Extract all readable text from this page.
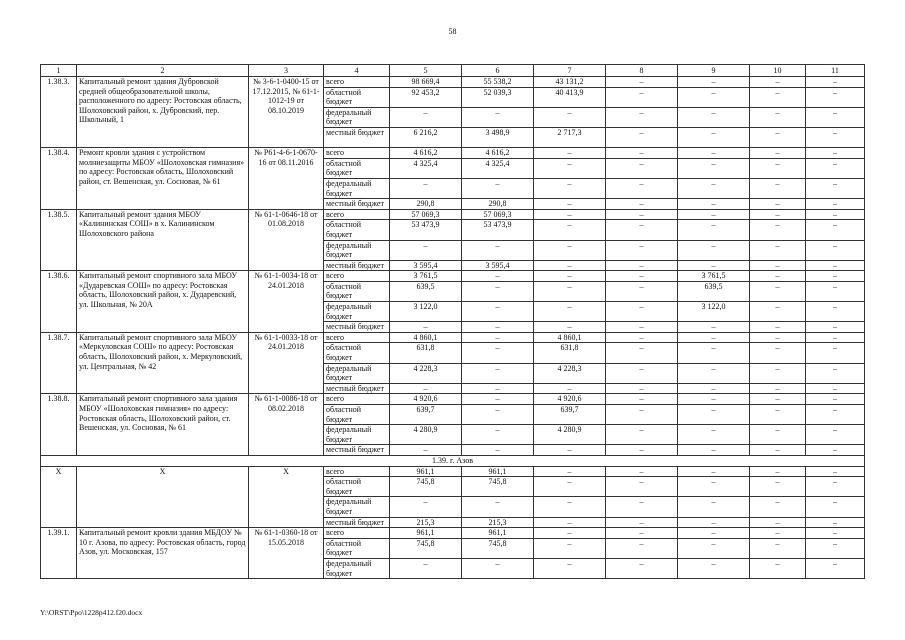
58
1	2	3	4	5	6	7	8	9	10	11
1.38.3.	Капитальный ремонт здания Дубровской средней общеобразовательной школы, расположенного по адресу: Ростовская область, Шолоховский район, х. Дубровский, пер. Школьный, 1	№ 3-6-1-0400-15 от 17.12.2015, № 61-1-1012-19 от 08.10.2019	всего	98 669,4	55 538,2	43 131,2	–	–	–	–
			областной бюджет	92 453,2	52 039,3	40 413,9	–	–	–	–
			федеральный бюджет	–	–	–	–	–	–	–
			местный бюджет	6 216,2	3 498,9	2 717,3	–	–	–	–
1.38.4.	Ремонт кровли здания с устройством молниезащиты МБОУ «Шолоховская гимназия» по адресу: Ростовская область, Шолоховский район, ст. Вешенская, ул. Сосновая, № 61	№ Р61-4-6-1-0670-16 от 08.11.2016	всего	4 616,2	4 616,2	–	–	–	–	–
			областной бюджет	4 325,4	4 325,4	–	–	–	–	–
			федеральный бюджет	–	–	–	–	–	–	–
			местный бюджет	290,8	290,8	–	–	–	–	–
1.38.5.	Капитальный ремонт здания МБОУ «Калининская СОШ» в х. Калининском Шолоховского района	№ 61-1-0646-18 от 01.08.2018	всего	57 069,3	57 069,3	–	–	–	–	–
			областной бюджет	53 473,9	53 473,9	–	–	–	–	–
			федеральный бюджет	–	–	–	–	–	–	–
			местный бюджет	3 595,4	3 595,4	–	–	–	–	–
1.38.6.	Капитальный ремонт спортивного зала МБОУ «Дударевская СОШ» по адресу: Ростовская область, Шолоховский район, х. Дударевский, ул. Школьная, № 20А	№ 61-1-0034-18 от 24.01.2018	всего	3 761,5	–	–	–	3 761,5	–	–
			областной бюджет	639,5	–	–	–	639,5	–	–
			федеральный бюджет	3 122,0	–	–	–	3 122,0	–	–
			местный бюджет	–	–	–	–	–	–	–
1.38.7.	Капитальный ремонт спортивного зала МБОУ «Меркуловская СОШ» по адресу: Ростовская область, Шолоховский район, х. Меркуловский, ул. Центральная, № 42	№ 61-1-0033-18 от 24.01.2018	всего	4 860,1	–	4 860,1	–	–	–	–
			областной бюджет	631,8	–	631,8	–	–	–	–
			федеральный бюджет	4 228,3	–	4 228,3	–	–	–	–
			местный бюджет	–	–	–	–	–	–	–
1.38.8.	Капитальный ремонт спортивного зала здания МБОУ «Шолоховская гимназия» по адресу: Ростовская область, Шолоховский район, ст. Вешенская, ул. Сосновая, № 61	№ 61-1-0086-18 от 08.02.2018	всего	4 920,6	–	4 920,6	–	–	–	–
			областной бюджет	639,7	–	639,7	–	–	–	–
			федеральный бюджет	4 280,9	–	4 280,9	–	–	–	–
			местный бюджет	–	–	–	–	–	–	–
1.39. г. Азов										
Х	Х	Х	всего	961,1	961,1	–	–	–	–	–
			областной бюджет	745,8	745,8	–	–	–	–	–
			федеральный бюджет	–	–	–	–	–	–	–
			местный бюджет	215,3	215,3	–	–	–	–	–
1.39.1.	Капитальный ремонт кровли здания МБДОУ № 10 г. Азова, по адресу: Ростовская область, город Азов, ул. Московская, 157	№ 61-1-0360-18 от 15.05.2018	всего	961,1	961,1	–	–	–	–	–
			областной бюджет	745,8	745,8	–	–	–	–	–
			федеральный бюджет	–	–	–	–	–	–	–
Y:\ORST\Ppo\1228p412.f20.docx
